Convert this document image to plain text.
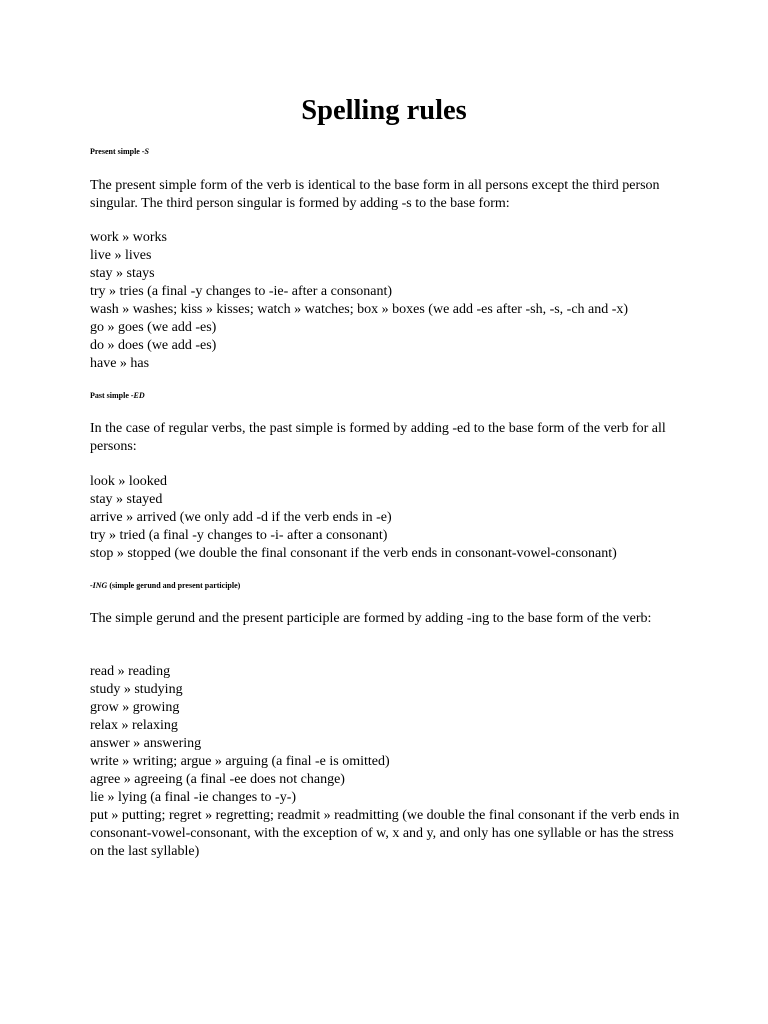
Spelling rules

Present simple -S

The present simple form of the verb is identical to the base form in all persons except the third person singular. The third person singular is formed by adding -s to the base form:

work » works
live » lives
stay » stays
try » tries (a final -y changes to -ie- after a consonant)
wash » washes; kiss » kisses; watch » watches; box » boxes (we add -es after -sh, -s, -ch and -x)
go » goes (we add -es)
do » does (we add -es)
have » has

Past simple -ED

In the case of regular verbs, the past simple is formed by adding -ed to the base form of the verb for all persons:

look » looked
stay » stayed
arrive » arrived (we only add -d if the verb ends in -e)
try » tried (a final -y changes to -i- after a consonant)
stop » stopped (we double the final consonant if the verb ends in consonant-vowel-consonant)

-ING (simple gerund and present participle)

The simple gerund and the present participle are formed by adding -ing to the base form of the verb:

read » reading
study » studying
grow » growing
relax » relaxing
answer » answering
write » writing; argue » arguing (a final -e is omitted)
agree » agreeing (a final -ee does not change)
lie » lying (a final -ie changes to -y-)
put » putting; regret » regretting; readmit » readmitting (we double the final consonant if the verb ends in consonant-vowel-consonant, with the exception of w, x and y, and only has one syllable or has the stress on the last syllable)
